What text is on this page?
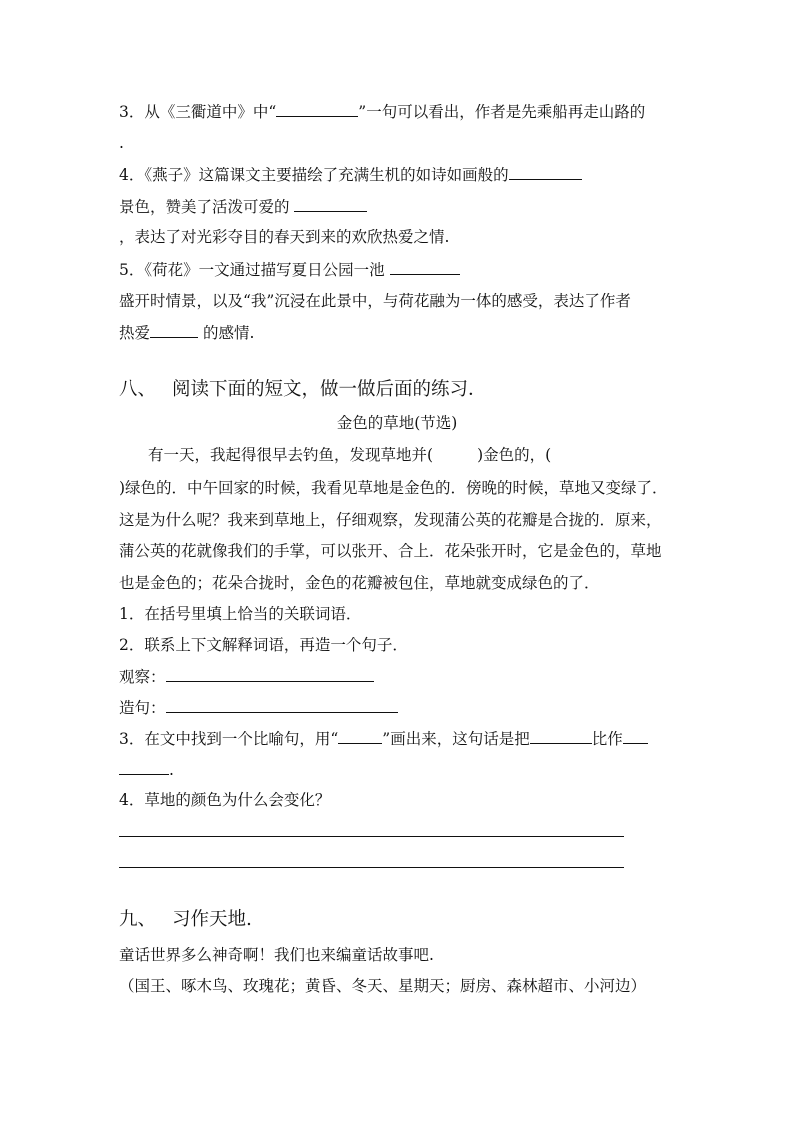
3．从《三衢道中》中“	”一句可以看出，作者是先乘船再走山路的
.
4．《燕子》这篇课文主要描绘了充满生机的如诗如画般的
景色，赞美了活泼可爱的
，表达了对光彩夺目的春天到来的欢欣热爱之情.
5．《荷花》一文通过描写夏日公园一池
盛开时情景，以及“我”沉浸在此景中，与荷花融为一体的感受，表达了作者
热爱	的感情.
八、 阅读下面的短文，做一做后面的练习．
金色的草地(节选)
有一天，我起得很早去钓鱼，发现草地并(	)金色的，(
)绿色的．中午回家的时候，我看见草地是金色的．傍晚的时候，草地又变绿了．
这是为什么呢？我来到草地上，仔细观察，发现蒲公英的花瓣是合拢的．原来，
蒲公英的花就像我们的手掌，可以张开、合上．花朵张开时，它是金色的，草地
也是金色的；花朵合拢时，金色的花瓣被包住，草地就变成绿色的了．
1．在括号里填上恰当的关联词语．
2．联系上下文解释词语，再造一个句子．
观察：
造句：
3．在文中找到一个比喻句，用“	”画出来，这句话是把	比作
.
4．草地的颜色为什么会变化？
九、 习作天地.
童话世界多么神奇啊！我们也来编童话故事吧.
（国王、啄木鸟、玫瑰花；黄昏、冬天、星期天；厨房、森林超市、小河边）
